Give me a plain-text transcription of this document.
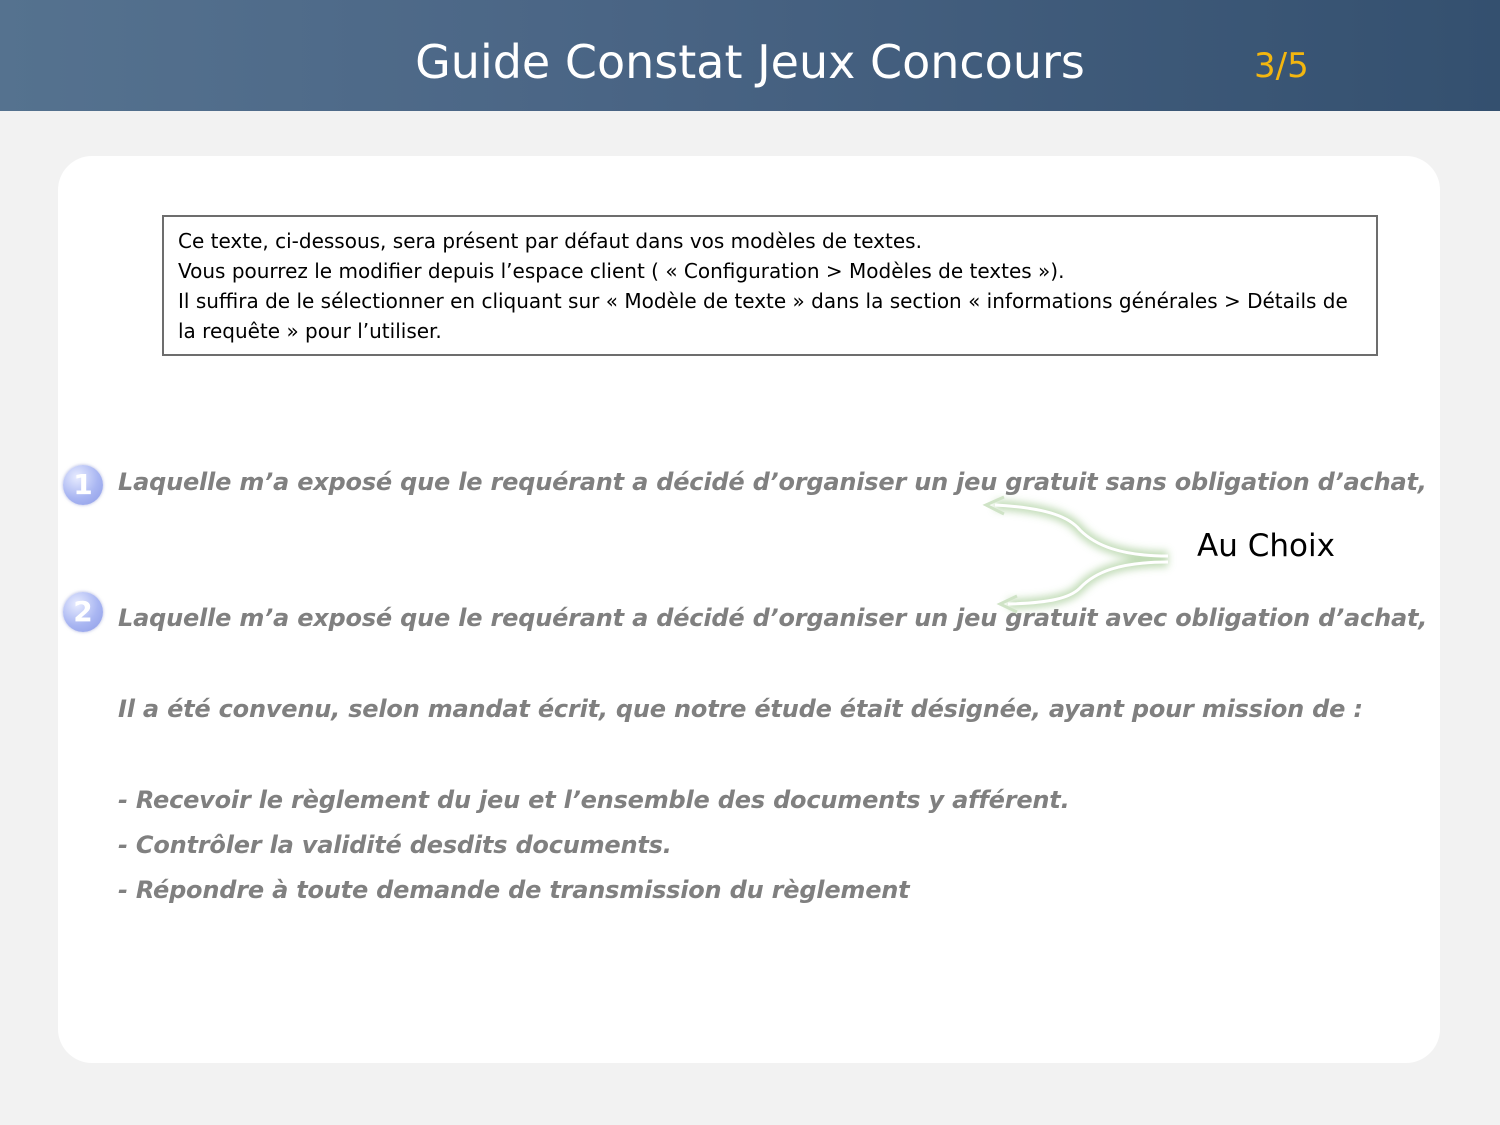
Guide Constat Jeux Concours	3/5
Ce texte, ci-dessous, sera présent par défaut dans vos modèles de textes.
Vous pourrez le modifier depuis l’espace client ( « Configuration > Modèles de textes »).
Il suffira de le sélectionner en cliquant sur « Modèle de texte » dans la section « informations générales > Détails de
la requête » pour l’utiliser.
1	Laquelle m’a exposé que le requérant a décidé d’organiser un jeu gratuit sans obligation d’achat,
2	Laquelle m’a exposé que le requérant a décidé d’organiser un jeu gratuit avec obligation d’achat,
Au Choix
Il a été convenu, selon mandat écrit, que notre étude était désignée, ayant pour mission de :
- Recevoir le règlement du jeu et l’ensemble des documents y afférent.
- Contrôler la validité desdits documents.
- Répondre à toute demande de transmission du règlement
